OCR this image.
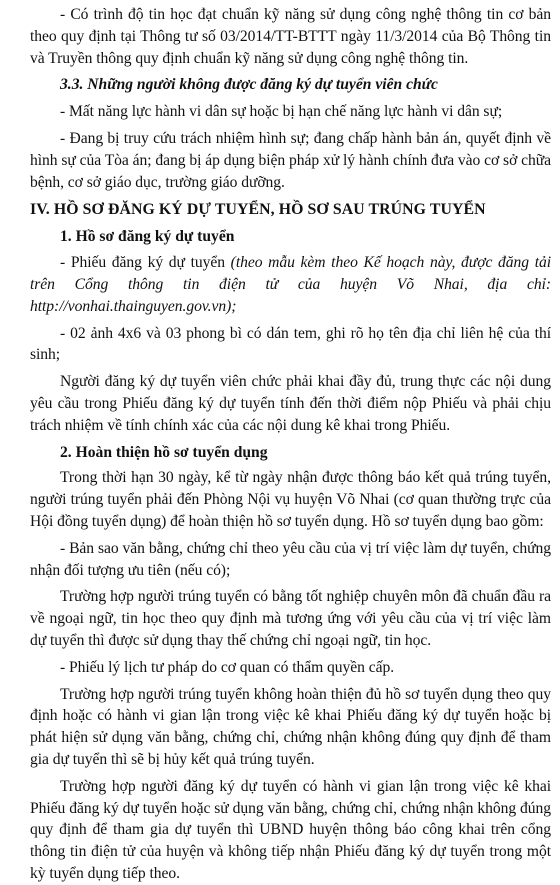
- Có trình độ tin học đạt chuẩn kỹ năng sử dụng công nghệ thông tin cơ bản theo quy định tại Thông tư số 03/2014/TT-BTTT ngày 11/3/2014 của Bộ Thông tin và Truyền thông quy định chuẩn kỹ năng sử dụng công nghệ thông tin.

3.3. Những người không được đăng ký dự tuyển viên chức

- Mất năng lực hành vi dân sự hoặc bị hạn chế năng lực hành vi dân sự;

- Đang bị truy cứu trách nhiệm hình sự; đang chấp hành bản án, quyết định về hình sự của Tòa án; đang bị áp dụng biện pháp xử lý hành chính đưa vào cơ sở chữa bệnh, cơ sở giáo dục, trường giáo dưỡng.

IV. HỒ SƠ ĐĂNG KÝ DỰ TUYỂN, HỒ SƠ SAU TRÚNG TUYỂN

1. Hồ sơ đăng ký dự tuyển

- Phiếu đăng ký dự tuyển (theo mẫu kèm theo Kế hoạch này, được đăng tải trên Cổng thông tin điện tử của huyện Võ Nhai, địa chỉ: http://vonhai.thainguyen.gov.vn);

- 02 ảnh 4x6 và 03 phong bì có dán tem, ghi rõ họ tên địa chỉ liên hệ của thí sinh;

Người đăng ký dự tuyển viên chức phải khai đầy đủ, trung thực các nội dung yêu cầu trong Phiếu đăng ký dự tuyển tính đến thời điểm nộp Phiếu và phải chịu trách nhiệm về tính chính xác của các nội dung kê khai trong Phiếu.

2. Hoàn thiện hồ sơ tuyển dụng

Trong thời hạn 30 ngày, kể từ ngày nhận được thông báo kết quả trúng tuyển, người trúng tuyển phải đến Phòng Nội vụ huyện Võ Nhai (cơ quan thường trực của Hội đồng tuyển dụng) để hoàn thiện hồ sơ tuyển dụng. Hồ sơ tuyển dụng bao gồm:

- Bản sao văn bằng, chứng chỉ theo yêu cầu của vị trí việc làm dự tuyển, chứng nhận đối tượng ưu tiên (nếu có);

Trường hợp người trúng tuyển có bằng tốt nghiệp chuyên môn đã chuẩn đầu ra về ngoại ngữ, tin học theo quy định mà tương ứng với yêu cầu của vị trí việc làm dự tuyển thì được sử dụng thay thế chứng chỉ ngoại ngữ, tin học.

- Phiếu lý lịch tư pháp do cơ quan có thẩm quyền cấp.

Trường hợp người trúng tuyển không hoàn thiện đủ hồ sơ tuyển dụng theo quy định hoặc có hành vi gian lận trong việc kê khai Phiếu đăng ký dự tuyển hoặc bị phát hiện sử dụng văn bằng, chứng chỉ, chứng nhận không đúng quy định để tham gia dự tuyển thì sẽ bị hủy kết quả trúng tuyển.

Trường hợp người đăng ký dự tuyển có hành vi gian lận trong việc kê khai Phiếu đăng ký dự tuyển hoặc sử dụng văn bằng, chứng chỉ, chứng nhận không đúng quy định để tham gia dự tuyển thì UBND huyện thông báo công khai trên cổng thông tin điện tử của huyện và không tiếp nhận Phiếu đăng ký dự tuyển trong một kỳ tuyển dụng tiếp theo.
